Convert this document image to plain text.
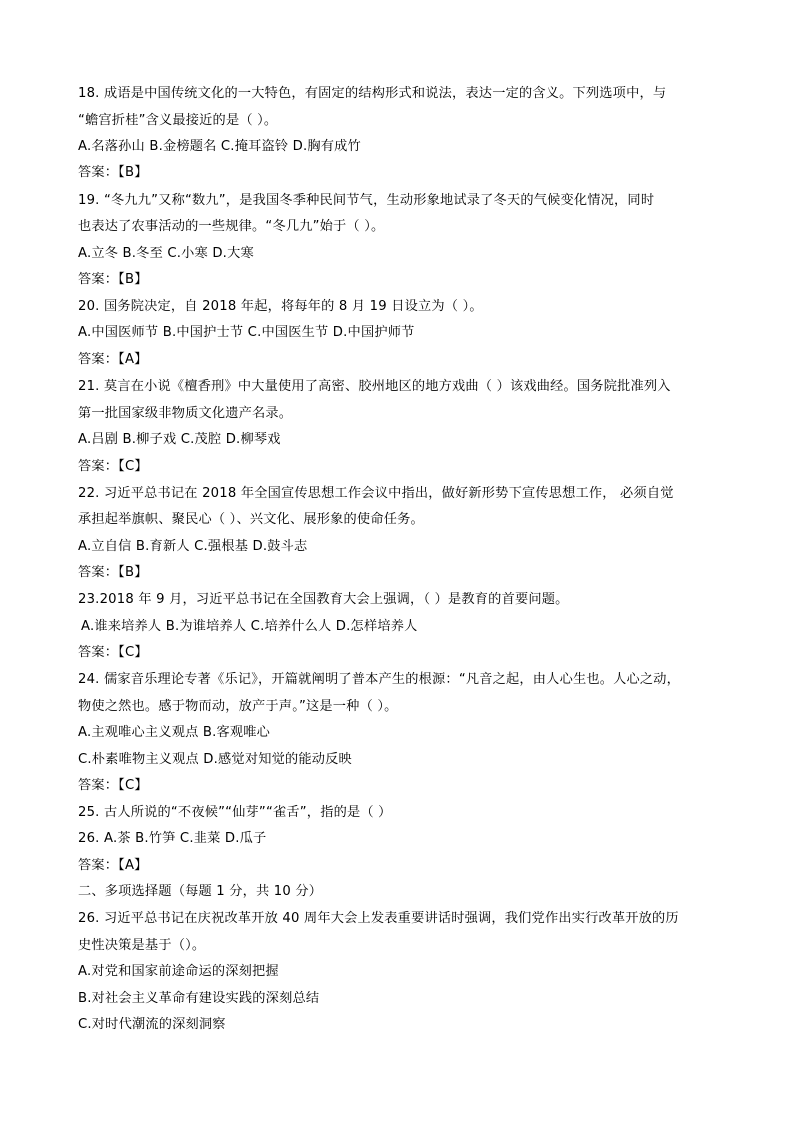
18. 成语是中国传统文化的一大特色，有固定的结构形式和说法，表达一定的含义。下列选项中，与
“蟾宫折桂”含义最接近的是（ ）。
A.名落孙山 B.金榜题名 C.掩耳盗铃 D.胸有成竹
答案：【B】
19. “冬九九”又称“数九”，是我国冬季种民间节气，生动形象地试录了冬天的气候变化情况，同时
也表达了农事活动的一些规律。“冬几九”始于（ ）。
A.立冬 B.冬至 C.小寒 D.大寒
答案：【B】
20. 国务院决定，自 2018 年起，将每年的 8 月 19 日设立为（ ）。
A.中国医师节 B.中国护士节 C.中国医生节 D.中国护师节
答案：【A】
21. 莫言在小说《檀香刑》中大量使用了高密、胶州地区的地方戏曲（ ）该戏曲经。国务院批准列入
第一批国家级非物质文化遗产名录。
A.吕剧 B.柳子戏 C.茂腔 D.柳琴戏
答案：【C】
22. 习近平总书记在 2018 年全国宣传思想工作会议中指出，做好新形势下宣传思想工作， 必须自觉
承担起举旗帜、聚民心（ ）、兴文化、展形象的使命任务。
A.立自信 B.育新人 C.强根基 D.鼓斗志
答案：【B】
23.2018 年 9 月，习近平总书记在全国教育大会上强调，（ ）是教育的首要问题。
A.谁来培养人 B.为谁培养人 C.培养什么人 D.怎样培养人
答案：【C】
24. 儒家音乐理论专著《乐记》，开篇就阐明了普本产生的根源：“凡音之起，由人心生也。人心之动，
物使之然也。感于物而动，放产于声。”这是一种（ ）。
A.主观唯心主义观点 B.客观唯心
C.朴素唯物主义观点 D.感觉对知觉的能动反映
答案：【C】
25. 古人所说的“不夜候”“仙芽”“雀舌”，指的是（ ）
26. A.茶 B.竹笋 C.韭菜 D.瓜子
答案：【A】
二、多项选择题（每题 1 分，共 10 分）
26. 习近平总书记在庆祝改革开放 40 周年大会上发表重要讲话时强调，我们党作出实行改革开放的历
史性决策是基于（）。
A.对党和国家前途命运的深刻把握
B.对社会主义革命有建设实践的深刻总结
C.对时代潮流的深刻洞察
